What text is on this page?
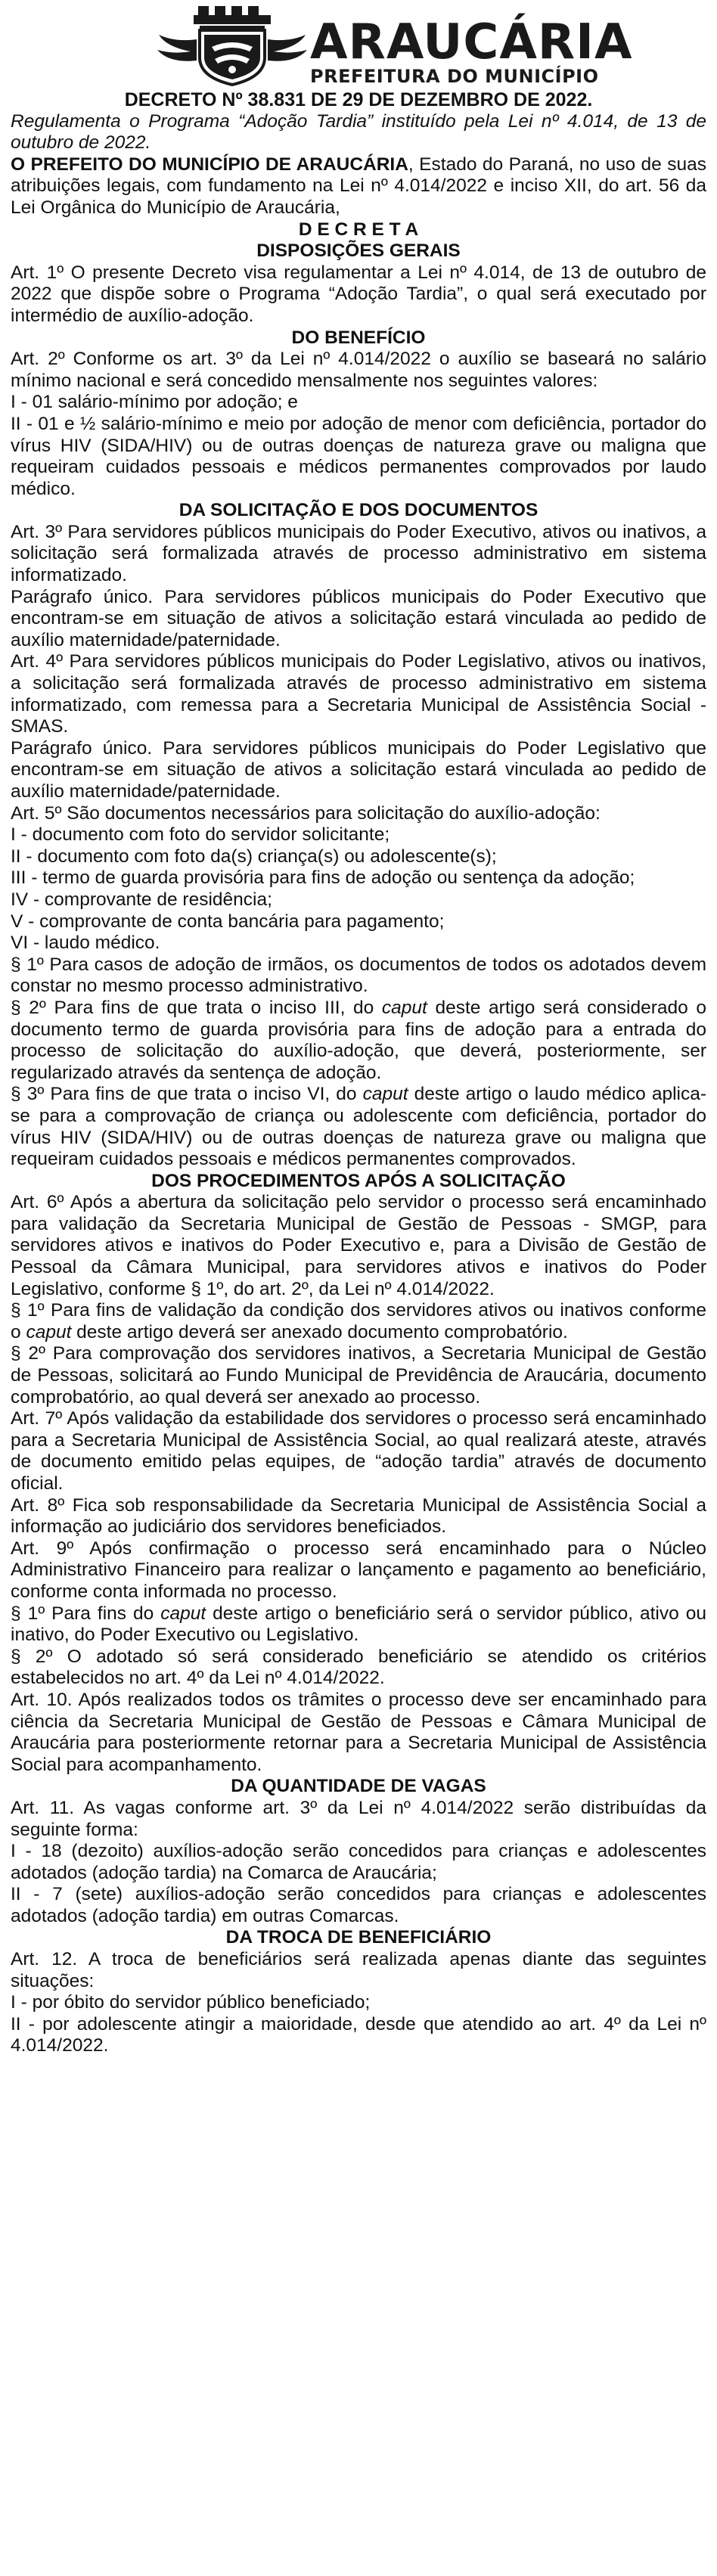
ARAUCÁRIA
PREFEITURA DO MUNICÍPIO

DECRETO Nº 38.831 DE 29 DE DEZEMBRO DE 2022.

Regulamenta o Programa “Adoção Tardia” instituído pela Lei nº 4.014, de 13 de outubro de 2022.

O PREFEITO DO MUNICÍPIO DE ARAUCÁRIA, Estado do Paraná, no uso de suas atribuições legais, com fundamento na Lei nº 4.014/2022 e inciso XII, do art. 56 da Lei Orgânica do Município de Araucária,

D E C R E T A

DISPOSIÇÕES GERAIS

Art. 1º O presente Decreto visa regulamentar a Lei nº 4.014, de 13 de outubro de 2022 que dispõe sobre o Programa “Adoção Tardia”, o qual será executado por intermédio de auxílio-adoção.

DO BENEFÍCIO

Art. 2º Conforme os art. 3º da Lei nº 4.014/2022 o auxílio se baseará no salário mínimo nacional e será concedido mensalmente nos seguintes valores:

I - 01 salário-mínimo por adoção; e

II - 01 e ½ salário-mínimo e meio por adoção de menor com deficiência, portador do vírus HIV (SIDA/HIV) ou de outras doenças de natureza grave ou maligna que requeiram cuidados pessoais e médicos permanentes comprovados por laudo médico.

DA SOLICITAÇÃO E DOS DOCUMENTOS

Art. 3º Para servidores públicos municipais do Poder Executivo, ativos ou inativos, a solicitação será formalizada através de processo administrativo em sistema informatizado.

Parágrafo único. Para servidores públicos municipais do Poder Executivo que encontram-se em situação de ativos a solicitação estará vinculada ao pedido de auxílio maternidade/paternidade.

Art. 4º Para servidores públicos municipais do Poder Legislativo, ativos ou inativos, a solicitação será formalizada através de processo administrativo em sistema informatizado, com remessa para a Secretaria Municipal de Assistência Social - SMAS.

Parágrafo único. Para servidores públicos municipais do Poder Legislativo que encontram-se em situação de ativos a solicitação estará vinculada ao pedido de auxílio maternidade/paternidade.

Art. 5º São documentos necessários para solicitação do auxílio-adoção:

I - documento com foto do servidor solicitante;

II - documento com foto da(s) criança(s) ou adolescente(s);

III - termo de guarda provisória para fins de adoção ou sentença da adoção;

IV - comprovante de residência;

V - comprovante de conta bancária para pagamento;

VI - laudo médico.

§ 1º Para casos de adoção de irmãos, os documentos de todos os adotados devem constar no mesmo processo administrativo.

§ 2º Para fins de que trata o inciso III, do caput deste artigo será considerado o documento termo de guarda provisória para fins de adoção para a entrada do processo de solicitação do auxílio-adoção, que deverá, posteriormente, ser regularizado através da sentença de adoção.

§ 3º Para fins de que trata o inciso VI, do caput deste artigo o laudo médico aplica-se para a comprovação de criança ou adolescente com deficiência, portador do vírus HIV (SIDA/HIV) ou de outras doenças de natureza grave ou maligna que requeiram cuidados pessoais e médicos permanentes comprovados.

DOS PROCEDIMENTOS APÓS A SOLICITAÇÃO

Art. 6º Após a abertura da solicitação pelo servidor o processo será encaminhado para validação da Secretaria Municipal de Gestão de Pessoas - SMGP, para servidores ativos e inativos do Poder Executivo e, para a Divisão de Gestão de Pessoal da Câmara Municipal, para servidores ativos e inativos do Poder Legislativo, conforme § 1º, do art. 2º, da Lei nº 4.014/2022.

§ 1º Para fins de validação da condição dos servidores ativos ou inativos conforme o caput deste artigo deverá ser anexado documento comprobatório.

§ 2º Para comprovação dos servidores inativos, a Secretaria Municipal de Gestão de Pessoas, solicitará ao Fundo Municipal de Previdência de Araucária, documento comprobatório, ao qual deverá ser anexado ao processo.

Art. 7º Após validação da estabilidade dos servidores o processo será encaminhado para a Secretaria Municipal de Assistência Social, ao qual realizará ateste, através de documento emitido pelas equipes, de “adoção tardia” através de documento oficial.

Art. 8º Fica sob responsabilidade da Secretaria Municipal de Assistência Social a informação ao judiciário dos servidores beneficiados.

Art. 9º Após confirmação o processo será encaminhado para o Núcleo Administrativo Financeiro para realizar o lançamento e pagamento ao beneficiário, conforme conta informada no processo.

§ 1º Para fins do caput deste artigo o beneficiário será o servidor público, ativo ou inativo, do Poder Executivo ou Legislativo.

§ 2º O adotado só será considerado beneficiário se atendido os critérios estabelecidos no art. 4º da Lei nº 4.014/2022.

Art. 10. Após realizados todos os trâmites o processo deve ser encaminhado para ciência da Secretaria Municipal de Gestão de Pessoas e Câmara Municipal de Araucária para posteriormente retornar para a Secretaria Municipal de Assistência Social para acompanhamento.

DA QUANTIDADE DE VAGAS

Art. 11. As vagas conforme art. 3º da Lei nº 4.014/2022 serão distribuídas da seguinte forma:

I - 18 (dezoito) auxílios-adoção serão concedidos para crianças e adolescentes adotados (adoção tardia) na Comarca de Araucária;

II - 7 (sete) auxílios-adoção serão concedidos para crianças e adolescentes adotados (adoção tardia) em outras Comarcas.

DA TROCA DE BENEFICIÁRIO

Art. 12. A troca de beneficiários será realizada apenas diante das seguintes situações:

I - por óbito do servidor público beneficiado;

II - por adolescente atingir a maioridade, desde que atendido ao art. 4º da Lei nº 4.014/2022.
